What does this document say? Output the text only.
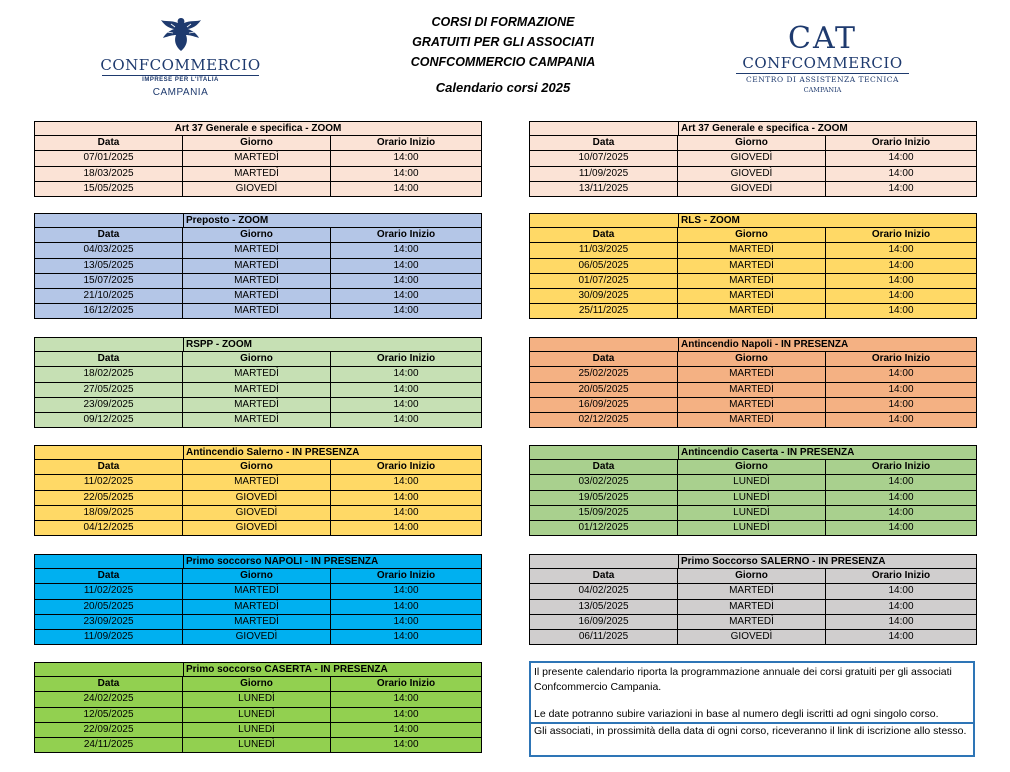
CONFCOMMERCIO
IMPRESE PER L'ITALIA
CAMPANIA
CORSI DI FORMAZIONE
GRATUITI PER GLI ASSOCIATI
CONFCOMMERCIO CAMPANIA
Calendario corsi 2025
CAT
CONFCOMMERCIO
CENTRO DI ASSISTENZA TECNICA
CAMPANIA
Art 37 Generale e specifica - ZOOM
Data	Giorno	Orario Inizio
07/01/2025	MARTEDÌ	14:00
18/03/2025	MARTEDÌ	14:00
15/05/2025	GIOVEDÌ	14:00
Art 37 Generale e specifica - ZOOM
Data	Giorno	Orario Inizio
10/07/2025	GIOVEDÌ	14:00
11/09/2025	GIOVEDÌ	14:00
13/11/2025	GIOVEDÌ	14:00
Preposto - ZOOM
Data	Giorno	Orario Inizio
04/03/2025	MARTEDÌ	14:00
13/05/2025	MARTEDÌ	14:00
15/07/2025	MARTEDÌ	14:00
21/10/2025	MARTEDÌ	14:00
16/12/2025	MARTEDÌ	14:00
RLS - ZOOM
Data	Giorno	Orario Inizio
11/03/2025	MARTEDÌ	14:00
06/05/2025	MARTEDÌ	14:00
01/07/2025	MARTEDÌ	14:00
30/09/2025	MARTEDÌ	14:00
25/11/2025	MARTEDÌ	14:00
RSPP - ZOOM
Data	Giorno	Orario Inizio
18/02/2025	MARTEDÌ	14:00
27/05/2025	MARTEDÌ	14:00
23/09/2025	MARTEDÌ	14:00
09/12/2025	MARTEDÌ	14:00
Antincendio Napoli - IN PRESENZA
Data	Giorno	Orario Inizio
25/02/2025	MARTEDÌ	14:00
20/05/2025	MARTEDÌ	14:00
16/09/2025	MARTEDÌ	14:00
02/12/2025	MARTEDÌ	14:00
Antincendio Salerno - IN PRESENZA
Data	Giorno	Orario Inizio
11/02/2025	MARTEDÌ	14:00
22/05/2025	GIOVEDÌ	14:00
18/09/2025	GIOVEDÌ	14:00
04/12/2025	GIOVEDÌ	14:00
Antincendio Caserta - IN PRESENZA
Data	Giorno	Orario Inizio
03/02/2025	LUNEDÌ	14:00
19/05/2025	LUNEDÌ	14:00
15/09/2025	LUNEDÌ	14:00
01/12/2025	LUNEDÌ	14:00
Primo soccorso NAPOLI - IN PRESENZA
Data	Giorno	Orario Inizio
11/02/2025	MARTEDÌ	14:00
20/05/2025	MARTEDÌ	14:00
23/09/2025	MARTEDÌ	14:00
11/09/2025	GIOVEDÌ	14:00
Primo Soccorso SALERNO - IN PRESENZA
Data	Giorno	Orario Inizio
04/02/2025	MARTEDÌ	14:00
13/05/2025	MARTEDÌ	14:00
16/09/2025	MARTEDÌ	14:00
06/11/2025	GIOVEDÌ	14:00
Primo soccorso CASERTA - IN PRESENZA
Data	Giorno	Orario Inizio
24/02/2025	LUNEDÌ	14:00
12/05/2025	LUNEDÌ	14:00
22/09/2025	LUNEDÌ	14:00
24/11/2025	LUNEDÌ	14:00

Il presente calendario riporta la programmazione annuale dei corsi gratuiti per gli associati Confcommercio Campania.

Le date potranno subire variazioni in base al numero degli iscritti ad ogni singolo corso.

Gli associati, in prossimità della data di ogni corso, riceveranno il link di iscrizione allo stesso.
